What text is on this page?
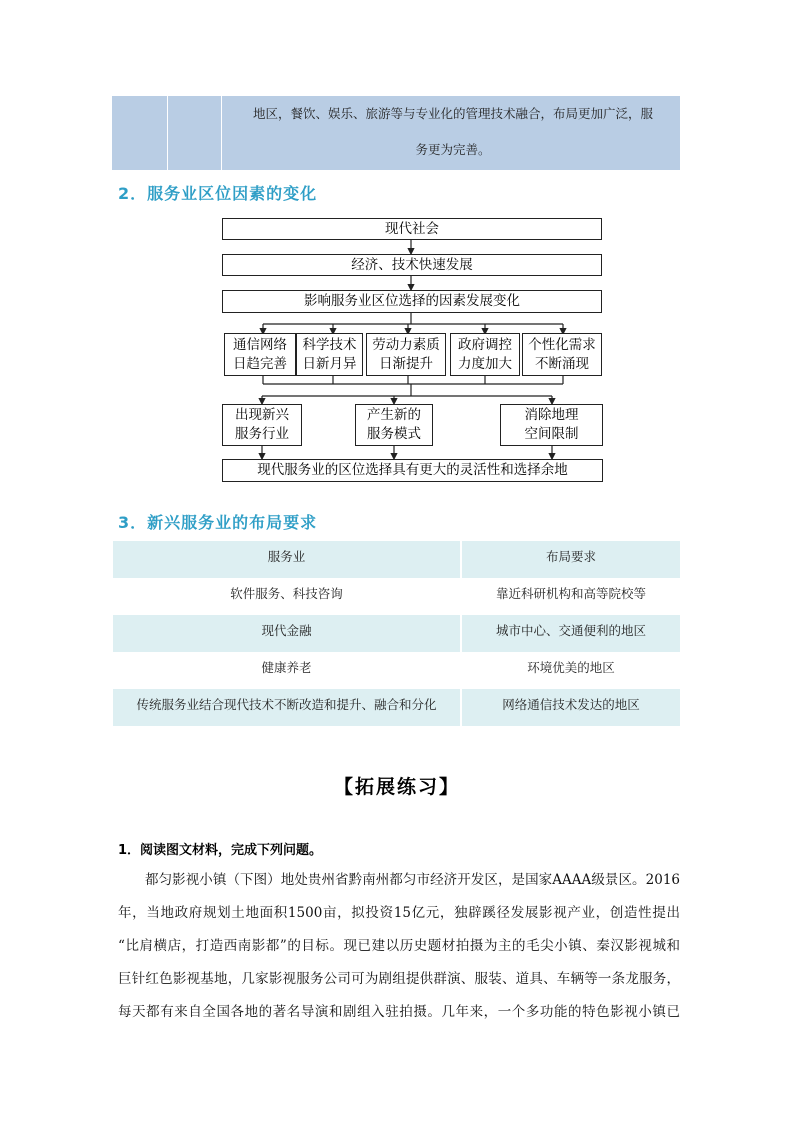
地区，餐饮、娱乐、旅游等与专业化的管理技术融合，布局更加广泛，服
务更为完善。
2．服务业区位因素的变化
现代社会
经济、技术快速发展
影响服务业区位选择的因素发展变化
通信网络
日趋完善
科学技术
日新月异
劳动力素质
日渐提升
政府调控
力度加大
个性化需求
不断涌现
出现新兴
服务行业
产生新的
服务模式
消除地理
空间限制
现代服务业的区位选择具有更大的灵活性和选择余地
3．新兴服务业的布局要求
服务业	布局要求
软件服务、科技咨询	靠近科研机构和高等院校等
现代金融	城市中心、交通便利的地区
健康养老	环境优美的地区
传统服务业结合现代技术不断改造和提升、融合和分化	网络通信技术发达的地区
【拓展练习】
1．阅读图文材料，完成下列问题。
都匀影视小镇（下图）地处贵州省黔南州都匀市经济开发区，是国家AAAA级景区。2016
年，当地政府规划土地面积1500亩，拟投资15亿元，独辟蹊径发展影视产业，创造性提出
“比肩横店，打造西南影都”的目标。现已建以历史题材拍摄为主的毛尖小镇、秦汉影视城和
巨针红色影视基地，几家影视服务公司可为剧组提供群演、服装、道具、车辆等一条龙服务，
每天都有来自全国各地的著名导演和剧组入驻拍摄。几年来，一个多功能的特色影视小镇已
